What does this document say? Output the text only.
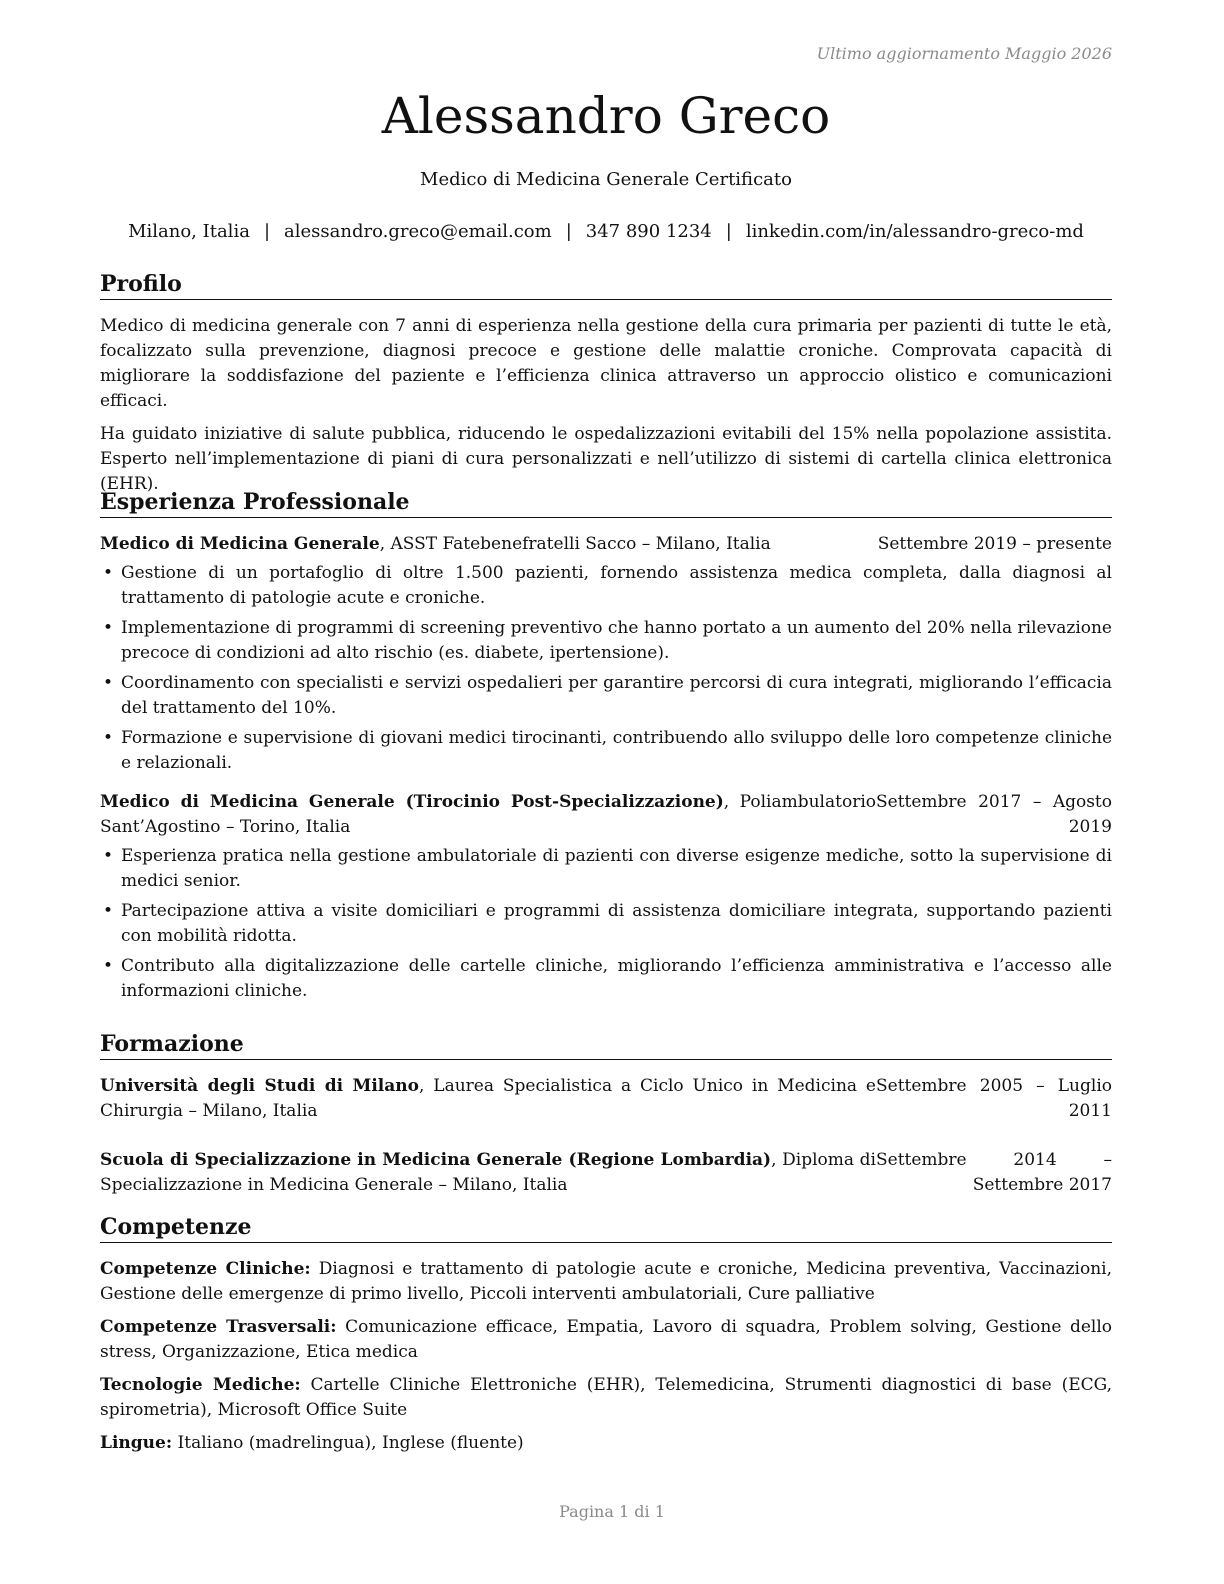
Ultimo aggiornamento Maggio 2026
Alessandro Greco
Medico di Medicina Generale Certificato
Milano, Italia | alessandro.greco@email.com | 347 890 1234 | linkedin.com/in/alessandro-greco-md
Profilo

Medico di medicina generale con 7 anni di esperienza nella gestione della cura primaria per pazienti di tutte le età, focalizzato sulla prevenzione, diagnosi precoce e gestione delle malattie croniche. Comprovata capacità di migliorare la soddisfazione del paziente e l’efficienza clinica attraverso un approccio olistico e comunicazioni efficaci.

Ha guidato iniziative di salute pubblica, riducendo le ospedalizzazioni evitabili del 15% nella popolazione assistita. Esperto nell’implementazione di piani di cura personalizzati e nell’utilizzo di sistemi di cartella clinica elettronica (EHR).

Esperienza Professionale
Medico di Medicina Generale, ASST Fatebenefratelli Sacco – Milano, Italia	Settembre 2019 – presente
• Gestione di un portafoglio di oltre 1.500 pazienti, fornendo assistenza medica completa, dalla diagnosi al trattamento di patologie acute e croniche.
• Implementazione di programmi di screening preventivo che hanno portato a un aumento del 20% nella rilevazione precoce di condizioni ad alto rischio (es. diabete, ipertensione).
• Coordinamento con specialisti e servizi ospedalieri per garantire percorsi di cura integrati, migliorando l’efficacia del trattamento del 10%.
• Formazione e supervisione di giovani medici tirocinanti, contribuendo allo sviluppo delle loro competenze cliniche e relazionali.
Medico di Medicina Generale (Tirocinio Post-Specializzazione), Poliambulatorio Sant’Agostino – Torino, Italia
Settembre 2017 – Agosto 2019
• Esperienza pratica nella gestione ambulatoriale di pazienti con diverse esigenze mediche, sotto la supervisione di medici senior.
• Partecipazione attiva a visite domiciliari e programmi di assistenza domiciliare integrata, supportando pazienti con mobilità ridotta.
• Contributo alla digitalizzazione delle cartelle cliniche, migliorando l’efficienza amministrativa e l’accesso alle informazioni cliniche.
Formazione
Università degli Studi di Milano, Laurea Specialistica a Ciclo Unico in Medicina e Chirurgia – Milano, Italia
Settembre 2005 – Luglio 2011
Scuola di Specializzazione in Medicina Generale (Regione Lombardia), Diploma di Specializzazione in Medicina Generale – Milano, Italia
Settembre 2014 – Settembre 2017
Competenze

Competenze Cliniche: Diagnosi e trattamento di patologie acute e croniche, Medicina preventiva, Vaccinazioni, Gestione delle emergenze di primo livello, Piccoli interventi ambulatoriali, Cure palliative

Competenze Trasversali: Comunicazione efficace, Empatia, Lavoro di squadra, Problem solving, Gestione dello stress, Organizzazione, Etica medica

Tecnologie Mediche: Cartelle Cliniche Elettroniche (EHR), Telemedicina, Strumenti diagnostici di base (ECG, spirometria), Microsoft Office Suite

Lingue: Italiano (madrelingua), Inglese (fluente)

Pagina 1 di 1
